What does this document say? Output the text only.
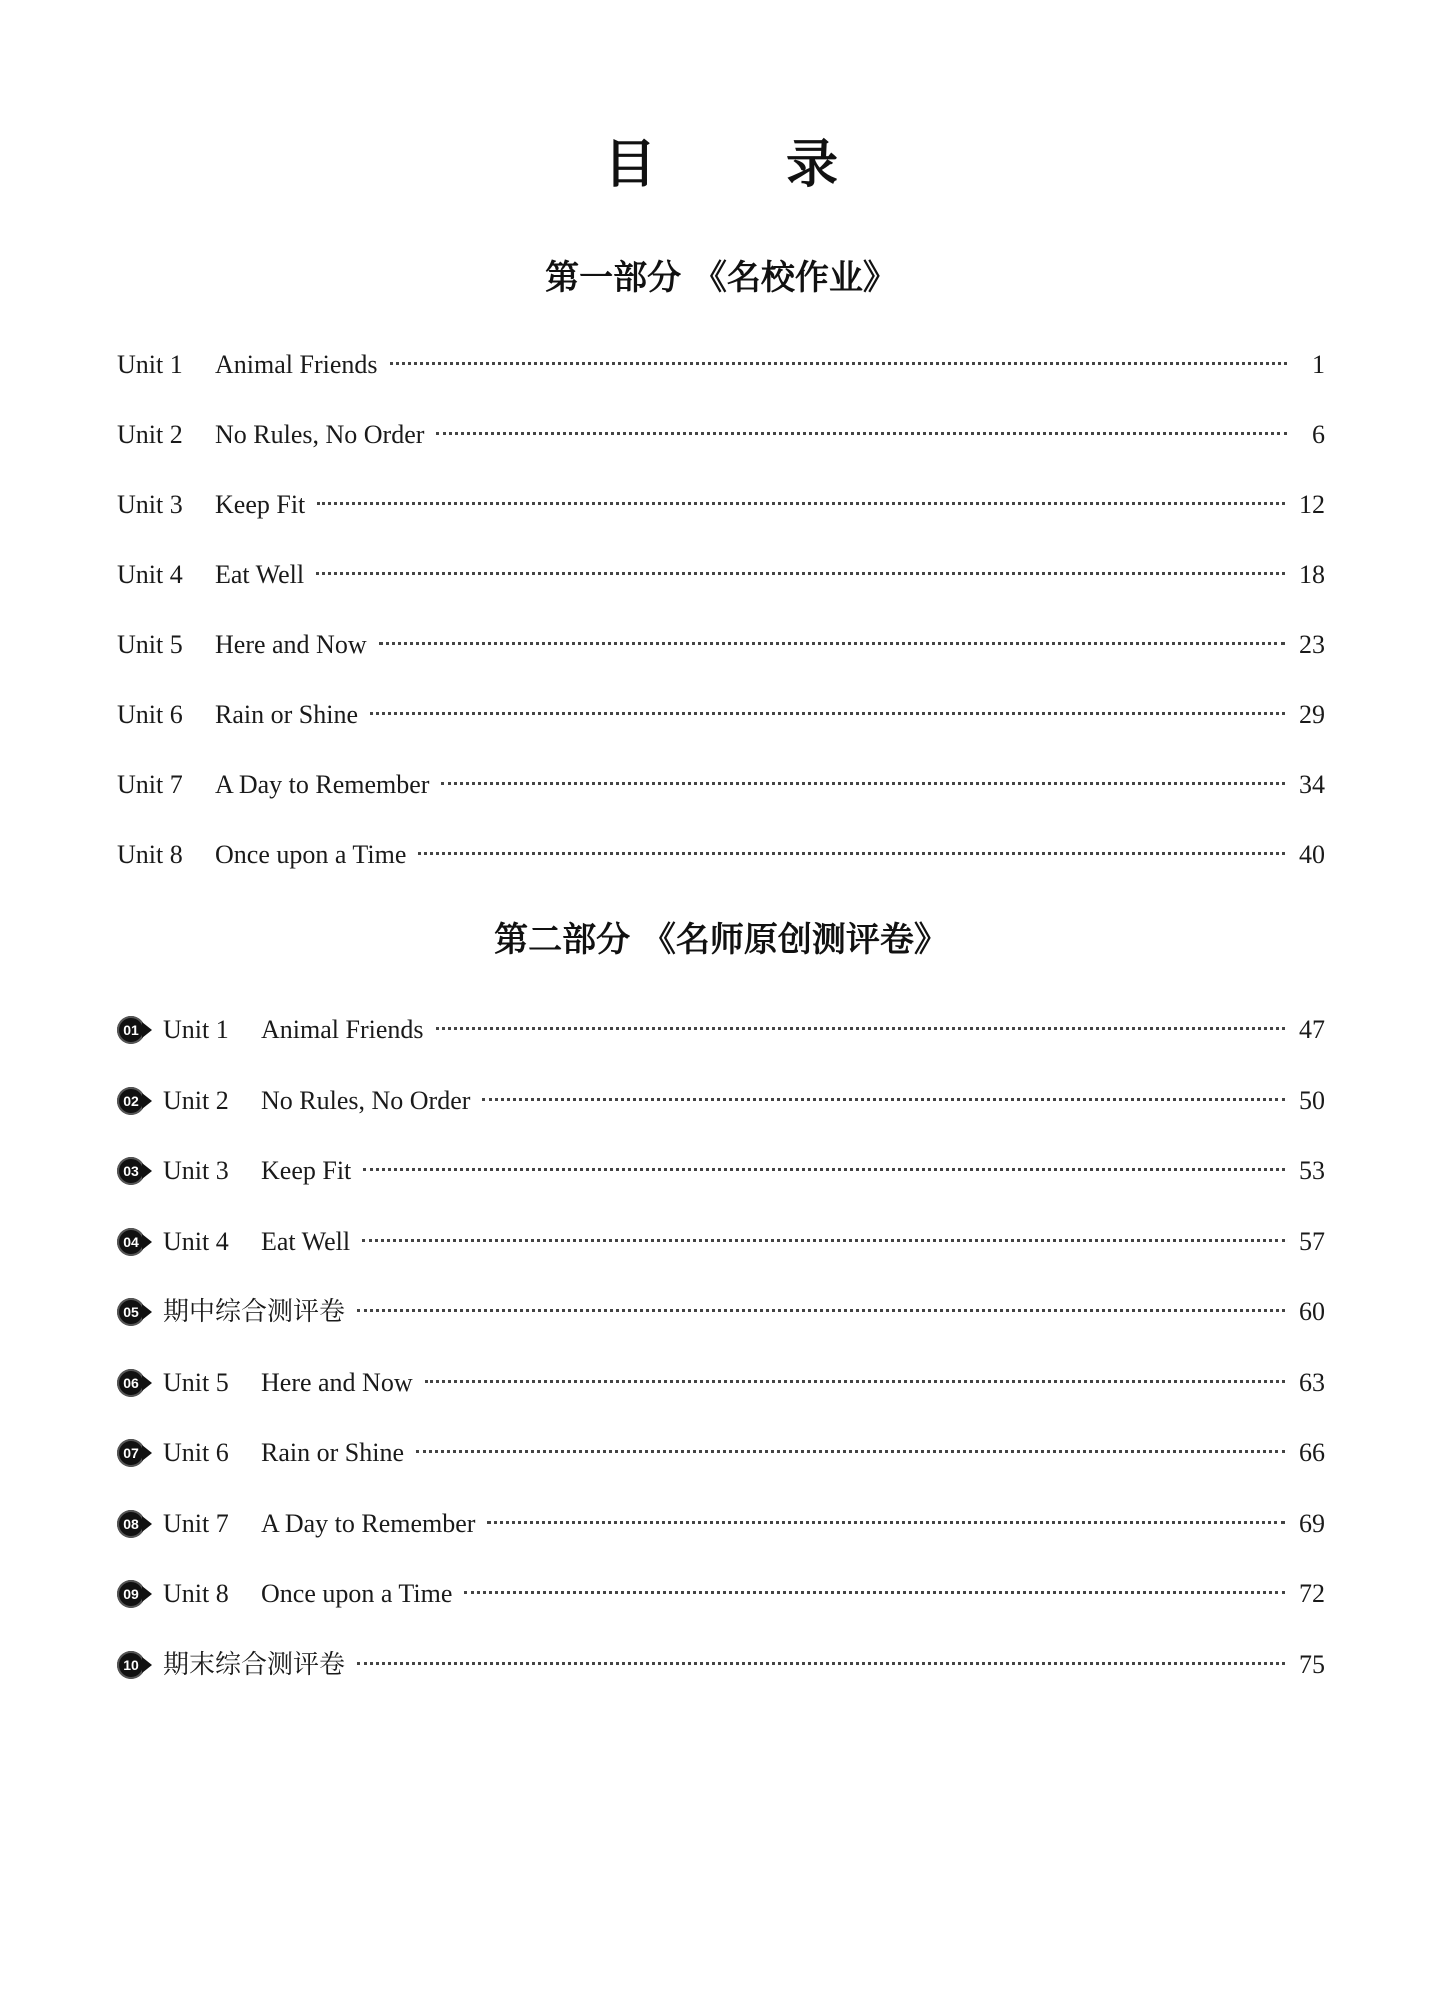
目 录
第一部分 《名校作业》
Unit 1	Animal Friends	1
Unit 2	No Rules, No Order	6
Unit 3	Keep Fit	12
Unit 4	Eat Well	18
Unit 5	Here and Now	23
Unit 6	Rain or Shine	29
Unit 7	A Day to Remember	34
Unit 8	Once upon a Time	40
第二部分 《名师原创测评卷》
01 Unit 1	Animal Friends	47
02 Unit 2	No Rules, No Order	50
03 Unit 3	Keep Fit	53
04 Unit 4	Eat Well	57
05 期中综合测评卷	60
06 Unit 5	Here and Now	63
07 Unit 6	Rain or Shine	66
08 Unit 7	A Day to Remember	69
09 Unit 8	Once upon a Time	72
10 期末综合测评卷	75
